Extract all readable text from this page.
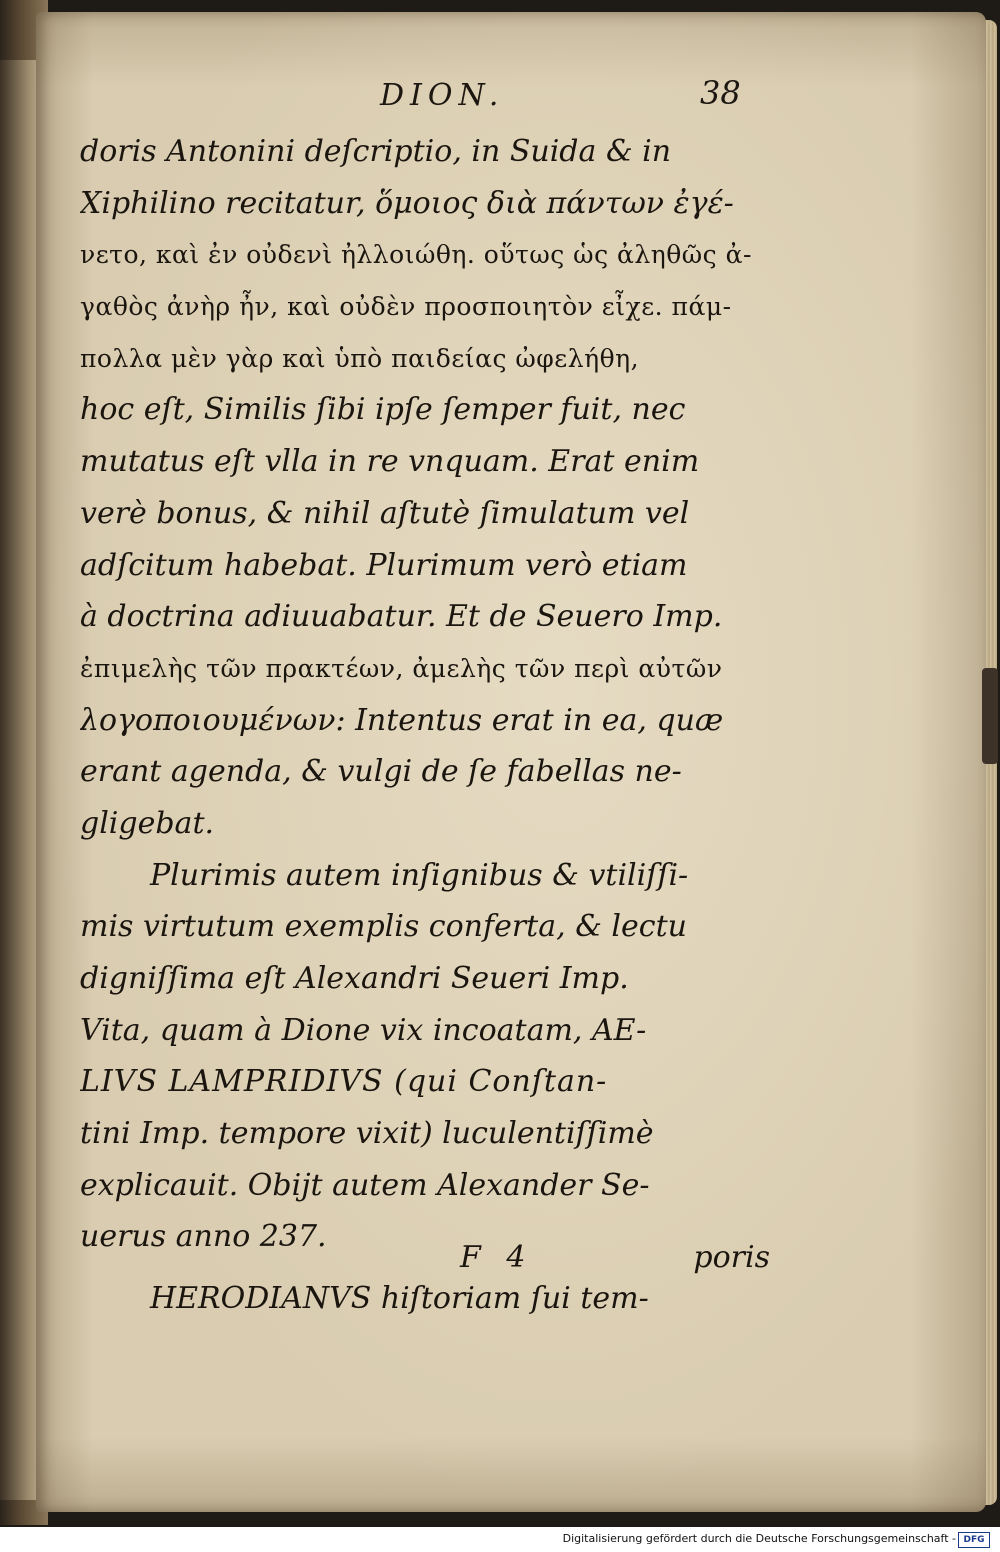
DION.	38
doris Antonini deſcriptio, in Suida & in
Xiphilino recitatur, ὅμοιος διὰ πάντων ἐγέ-
νετο, καὶ ἐν οὐδενὶ ἠλλοιώθη. οὕτως ὡς ἀληθῶς ἀ-
γαθὸς ἀνὴρ ἦν, καὶ οὐδὲν προσποιητὸν εἶχε. πάμ-
πολλα μὲν γὰρ καὶ ὑπὸ παιδείας ὠφελήθη,
hoc eſt, Similis ſibi ipſe ſemper fuit, nec
mutatus eſt vlla in re vnquam. Erat enim
verè bonus, & nihil aſtutè ſimulatum vel
adſcitum habebat. Plurimum verò etiam
à doctrina adiuuabatur. Et de Seuero Imp.
ἐπιμελὴς τῶν πρακτέων, ἀμελὴς τῶν περὶ αὐτῶν
λογοποιουμένων: Intentus erat in ea, quæ
erant agenda, & vulgi de ſe fabellas ne-
gligebat.
Plurimis autem inſignibus & vtiliſſi-
mis virtutum exemplis conferta, & lectu
digniſſima eſt Alexandri Seueri Imp.
Vita, quam à Dione vix incoatam, AE-
LIVS LAMPRIDIVS (qui Conſtan-
tini Imp. tempore vixit) luculentiſſimè
explicauit. Obijt autem Alexander Se-
uerus anno 237.
HERODIANVS hiſtoriam ſui tem-
F 4	poris
Digitalisierung gefördert durch die Deutsche Forschungsgemeinschaft - DFG
